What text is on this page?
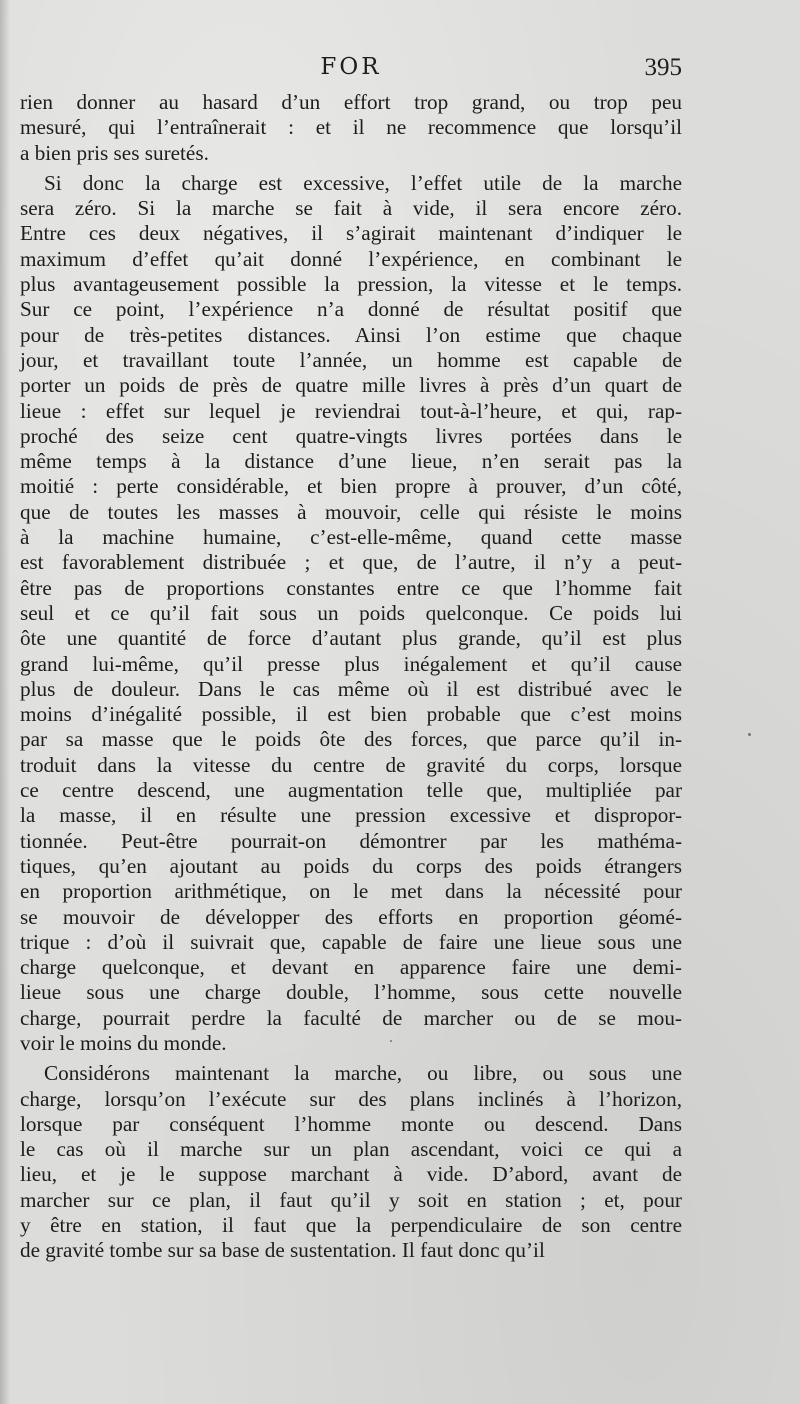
FOR	395
rien donner au hasard d’un effort trop grand, ou trop peu
mesuré, qui l’entraînerait : et il ne recommence que lorsqu’il
a bien pris ses suretés.
Si donc la charge est excessive, l’effet utile de la marche
sera zéro. Si la marche se fait à vide, il sera encore zéro.
Entre ces deux négatives, il s’agirait maintenant d’indiquer le
maximum d’effet qu’ait donné l’expérience, en combinant le
plus avantageusement possible la pression, la vitesse et le temps.
Sur ce point, l’expérience n’a donné de résultat positif que
pour de très-petites distances. Ainsi l’on estime que chaque
jour, et travaillant toute l’année, un homme est capable de
porter un poids de près de quatre mille livres à près d’un quart de
lieue : effet sur lequel je reviendrai tout-à-l’heure, et qui, rap-
proché des seize cent quatre-vingts livres portées dans le
même temps à la distance d’une lieue, n’en serait pas la
moitié : perte considérable, et bien propre à prouver, d’un côté,
que de toutes les masses à mouvoir, celle qui résiste le moins
à la machine humaine, c’est-elle-même, quand cette masse
est favorablement distribuée ; et que, de l’autre, il n’y a peut-
être pas de proportions constantes entre ce que l’homme fait
seul et ce qu’il fait sous un poids quelconque. Ce poids lui
ôte une quantité de force d’autant plus grande, qu’il est plus
grand lui-même, qu’il presse plus inégalement et qu’il cause
plus de douleur. Dans le cas même où il est distribué avec le
moins d’inégalité possible, il est bien probable que c’est moins
par sa masse que le poids ôte des forces, que parce qu’il in-
troduit dans la vitesse du centre de gravité du corps, lorsque
ce centre descend, une augmentation telle que, multipliée par
la masse, il en résulte une pression excessive et dispropor-
tionnée. Peut-être pourrait-on démontrer par les mathéma-
tiques, qu’en ajoutant au poids du corps des poids étrangers
en proportion arithmétique, on le met dans la nécessité pour
se mouvoir de développer des efforts en proportion géomé-
trique : d’où il suivrait que, capable de faire une lieue sous une
charge quelconque, et devant en apparence faire une demi-
lieue sous une charge double, l’homme, sous cette nouvelle
charge, pourrait perdre la faculté de marcher ou de se mou-
voir le moins du monde.
Considérons maintenant la marche, ou libre, ou sous une
charge, lorsqu’on l’exécute sur des plans inclinés à l’horizon,
lorsque par conséquent l’homme monte ou descend. Dans
le cas où il marche sur un plan ascendant, voici ce qui a
lieu, et je le suppose marchant à vide. D’abord, avant de
marcher sur ce plan, il faut qu’il y soit en station ; et, pour
y être en station, il faut que la perpendiculaire de son centre
de gravité tombe sur sa base de sustentation. Il faut donc qu’il
